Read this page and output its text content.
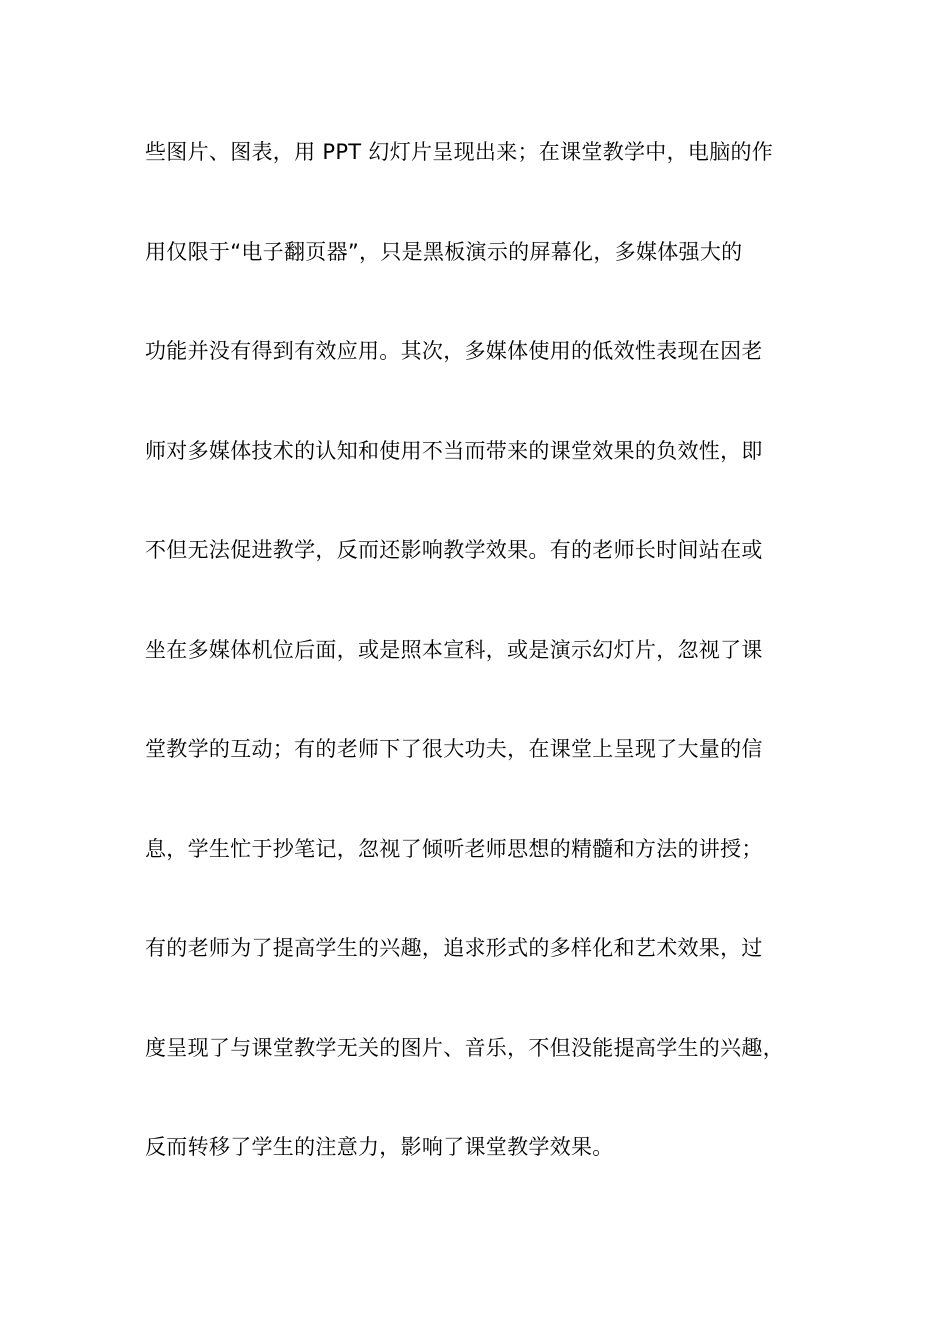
些图片、图表，用 PPT 幻灯片呈现出来；在课堂教学中，电脑的作
用仅限于“电子翻页器”，只是黑板演示的屏幕化，多媒体强大的
功能并没有得到有效应用。其次，多媒体使用的低效性表现在因老
师对多媒体技术的认知和使用不当而带来的课堂效果的负效性，即
不但无法促进教学，反而还影响教学效果。有的老师长时间站在或
坐在多媒体机位后面，或是照本宣科，或是演示幻灯片，忽视了课
堂教学的互动；有的老师下了很大功夫，在课堂上呈现了大量的信
息，学生忙于抄笔记，忽视了倾听老师思想的精髓和方法的讲授；
有的老师为了提高学生的兴趣，追求形式的多样化和艺术效果，过
度呈现了与课堂教学无关的图片、音乐，不但没能提高学生的兴趣，
反而转移了学生的注意力，影响了课堂教学效果。
